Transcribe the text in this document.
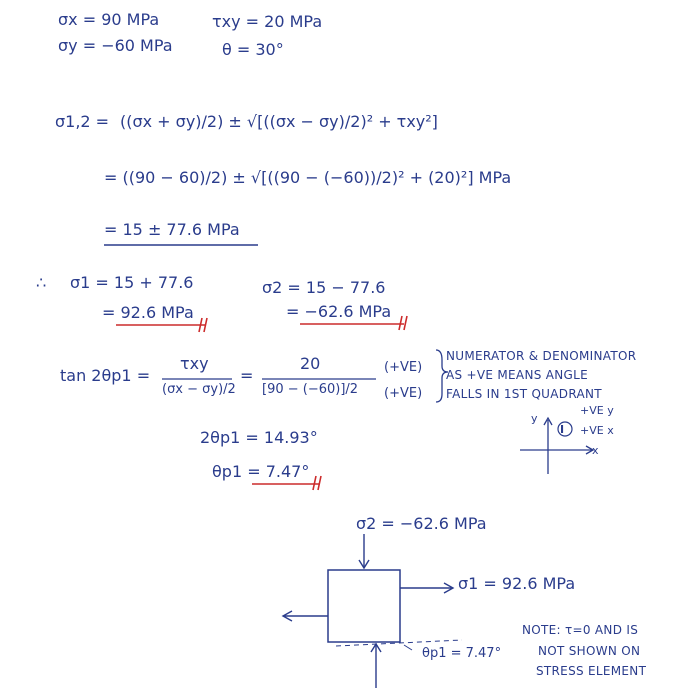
σx = 90 MPa
σy = −60 MPa
τxy = 20 MPa
θ = 30°
σ1,2 = ((σx + σy)/2) ± √[((σx − σy)/2)² + τxy²]
= ((90 − 60)/2) ± √[((90 − (−60))/2)² + (20)²] MPa
= 15 ± 77.6 MPa
∴ σ1 = 15 + 77.6
= 92.6 MPa
σ2 = 15 − 77.6
= −62.6 MPa
tan 2θp1 =
τxy
(σx − σy)/2
=
20
[90 − (−60)]/2
(+VE)
(+VE)
NUMERATOR & DENOMINATOR
AS +VE MEANS ANGLE
FALLS IN 1ST QUADRANT
2θp1 = 14.93°
θp1 = 7.47°
y
x
I
+VE y
+VE x
σ2 = −62.6 MPa
σ1 = 92.6 MPa
θp1 = 7.47°
NOTE: τ=0 AND IS
NOT SHOWN ON
STRESS ELEMENT
